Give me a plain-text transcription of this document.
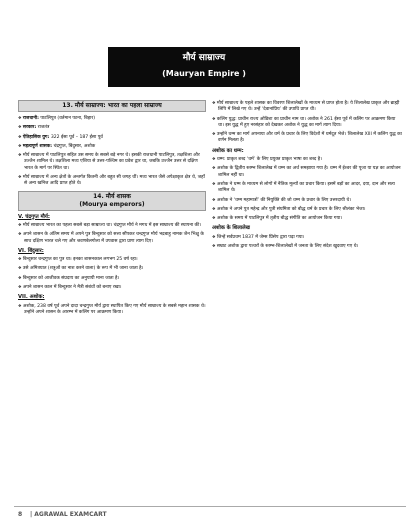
मौर्य साम्राज्य
(Mauryan Empire )
13. मौर्य साम्राज्य: भारत का पहला साम्राज्य
❖ राजधानी: पाटलिपुत्र (वर्तमान पटना, बिहार)
❖ सरकार: राजतंत्र
❖ ऐतिहासिक युग: 322 ईसा पूर्व – 187 ईसा पूर्व
❖ महत्वपूर्ण शासक: चंद्रगुप्त, बिंदुसार, अशोक
❖ मौर्य साम्राज्य में पाटलिपुत्र सहित उस समय के सबसे बड़े नगर थे। इसकी राजधानी पाटलिपुत्र, तक्षशिला और उज्जैन शामिल थे। तक्षशिला मध्य एशिया से उत्तर-पश्चिम का प्रवेश द्वार था, जबकि उज्जैन उत्तर से दक्षिण भारत के मार्ग पर स्थित था।
❖ मौर्य साम्राज्य में अन्य क्षेत्रों के अन्तर्गत कितनी और बहुत सी जगह थीं। मध्य भारत जैसे अपेक्षाकृत क्षेत्र थे, जहाँ से अन्य खनिज आदि प्राप्त होते थे।
14. मौर्य शासक
(Mourya emperors)
V. चंद्रगुप्त मौर्य:
❖ मौर्य साम्राज्य भारत का पहला सबसे बड़ा साम्राज्य था। चंद्रगुप्त मौर्य ने मगध में इस साम्राज्य की स्थापना की।
❖ अपने शासन के अंतिम समय में अपने पुत्र बिन्दुसार को सत्ता सौंपकर चन्द्रगुप्त मौर्य भद्रबाहु नामक जैन भिक्षु के साथ दक्षिण भारत चले गए और श्रवणबेलगोला में उपवास द्वारा प्राण त्याग दिए।
VI. बिंदुसार:
❖ बिन्दुसार चन्द्रगुप्त का पुत्र था। इनका शासनकाल लगभग 25 वर्ष रहा।
❖ उसे अमित्रघात (शत्रुओं का नाश करने वाला) के रूप में भी जाना जाता है।
❖ बिन्दुसार को आजीवक संप्रदाय का अनुयायी माना जाता है।
❖ अपने शासन काल में बिन्दुसार ने मैत्री संबंधों को बनाए रखा।
VII. अशोक:
❖ अशोक, 238 वर्ष पूर्व अपने दादा चन्द्रगुप्त मौर्य द्वारा स्थापित किए गए मौर्य साम्राज्य के सबसे महान शासक थे। उन्होंने अपने शासन के आरम्भ में कलिंग पर आक्रमण किया।
❖ मौर्य साम्राज्य के पहले शासक का विवरण शिलालेखों के माध्यम से प्राप्त होता है। ये शिलालेख प्राकृत और ब्राह्मी लिपि में लिखे गए थे। उन्हें ‘देवानांप्रिय’ की उपाधि प्राप्त थी।
❖ कलिंग युद्ध: प्राचीन राज्य ओडिशा का प्राचीन नाम था। अशोक ने 261 ईसा पूर्व में कलिंग पर आक्रमण किया था। इस युद्ध में हुए नरसंहार को देखकर अशोक ने युद्ध का मार्ग त्याग दिया।
❖ उन्होंने धम्म का मार्ग अपनाया और धर्म के प्रचार के लिए विदेशों में धर्मदूत भेजे। शिलालेख XIII में कलिंग युद्ध का वर्णन मिलता है।
अशोक का धम्म:
❖ धम्म: प्राकृत शब्द ‘धर्म’ के लिए प्रयुक्त प्राकृत भाषा का शब्द है।
❖ अशोक के द्वितीय स्तम्भ शिलालेख में धम्म का अर्थ समझाया गया है। धम्म में ईश्वर की पूजा या यज्ञ का आयोजन शामिल नहीं था।
❖ अशोक ने धम्म के माध्यम से लोगों में नैतिक मूल्यों का प्रचार किया। इसमें बड़ों का आदर, दया, दान और सत्य शामिल थे।
❖ अशोक ने ‘धम्म महामात्रों’ की नियुक्ति की जो धम्म के प्रचार के लिए उत्तरदायी थे।
❖ अशोक ने अपने पुत्र महेन्द्र और पुत्री संघमित्रा को बौद्ध धर्म के प्रचार के लिए श्रीलंका भेजा।
❖ अशोक के समय में पाटलिपुत्र में तृतीय बौद्ध संगीति का आयोजन किया गया।
अशोक के शिलालेख
❖ जिन्हें सर्वप्रथम 1837 में जेम्स प्रिंसेप द्वारा पढ़ा गया।
❖ सम्राट अशोक द्वारा पत्थरों के स्तम्भ-शिलालेखों में जनता के लिए संदेश खुदवाए गए थे।
8 | AGRAWAL EXAMCART
